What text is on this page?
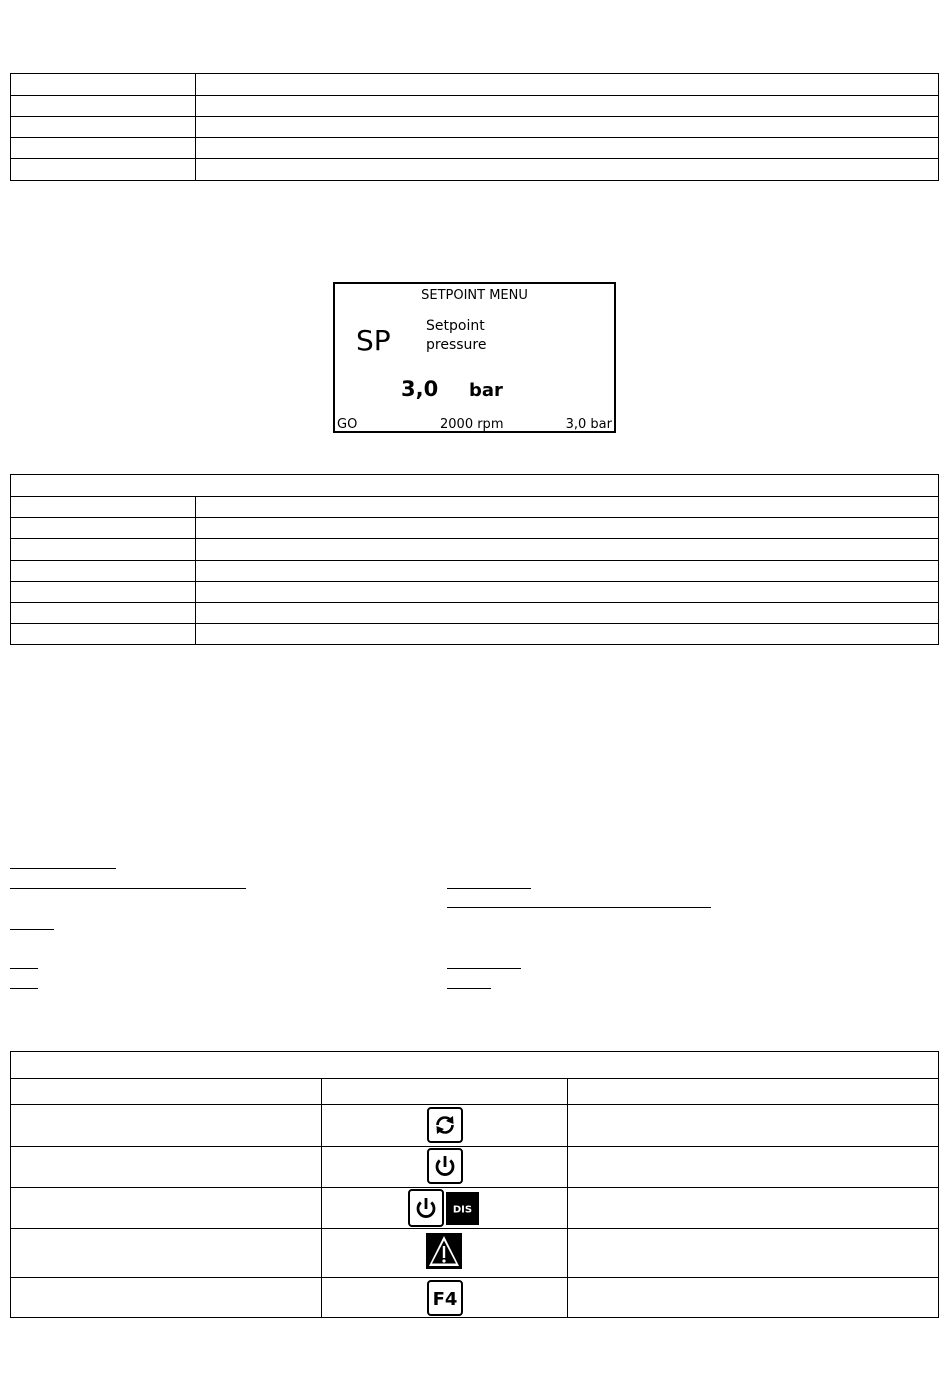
SETPOINT MENU
SP	Setpoint
pressure
3,0 bar
GO	2000 rpm	3,0 bar
DIS
F4
